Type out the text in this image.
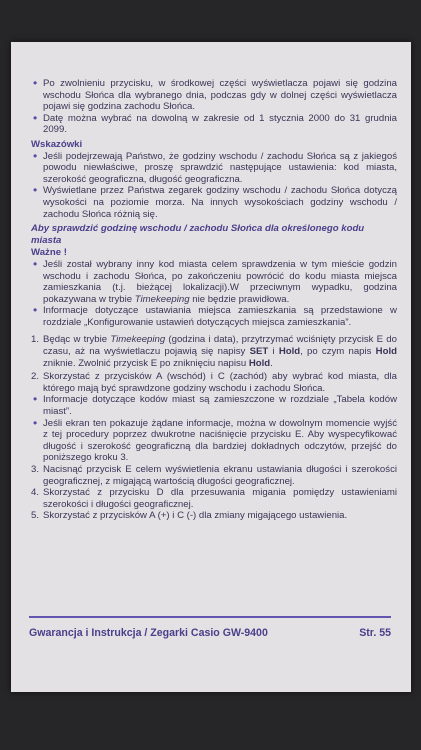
• Po zwolnieniu przycisku, w środkowej części wyświetlacza pojawi się godzina wschodu Słońca dla wybranego dnia, podczas gdy w dolnej części wyświetlacza pojawi się godzina zachodu Słońca.
• Datę można wybrać na dowolną w zakresie od 1 stycznia 2000 do 31 grudnia 2099.
Wskazówki
• Jeśli podejrzewają Państwo, że godziny wschodu / zachodu Słońca są z jakiegoś powodu niewłaściwe, proszę sprawdzić następujące ustawienia: kod miasta, szerokość geograficzna, długość geograficzna.
• Wyświetlane przez Państwa zegarek godziny wschodu / zachodu Słońca dotyczą wysokości na poziomie morza. Na innych wysokościach godziny wschodu / zachodu Słońca różnią się.
Aby sprawdzić godzinę wschodu / zachodu Słońca dla określonego kodu miasta
Ważne !
• Jeśli został wybrany inny kod miasta celem sprawdzenia w tym mieście godzin wschodu i zachodu Słońca, po zakończeniu powrócić do kodu miasta miejsca zamieszkania (t.j. bieżącej lokalizacji).W przeciwnym wypadku, godzina pokazywana w trybie Timekeeping nie będzie prawidłowa.
• Informacje dotyczące ustawiania miejsca zamieszkania są przedstawione w rozdziale „Konfigurowanie ustawień dotyczących miejsca zamieszkania”.
1. Będąc w trybie Timekeeping (godzina i data), przytrzymać wciśnięty przycisk E do czasu, aż na wyświetlaczu pojawią się napisy SET i Hold, po czym napis Hold zniknie. Zwolnić przycisk E po zniknięciu napisu Hold.
2. Skorzystać z przycisków A (wschód) i C (zachód) aby wybrać kod miasta, dla którego mają być sprawdzone godziny wschodu i zachodu Słońca.
• Informacje dotyczące kodów miast są zamieszczone w rozdziale „Tabela kodów miast”.
• Jeśli ekran ten pokazuje żądane informacje, można w dowolnym momencie wyjść z tej procedury poprzez dwukrotne naciśnięcie przycisku E. Aby wyspecyfikować długość i szerokość geograficzną dla bardziej dokładnych odczytów, przejść do poniższego kroku 3.
3. Nacisnąć przycisk E celem wyświetlenia ekranu ustawiania długości i szerokości geograficznej, z migającą wartością długości geograficznej.
4. Skorzystać z przycisku D dla przesuwania migania pomiędzy ustawieniami szerokości i długości geograficznej.
5. Skorzystać z przycisków A (+) i C (-) dla zmiany migającego ustawienia.
Gwarancja i Instrukcja / Zegarki Casio GW-9400	Str. 55
